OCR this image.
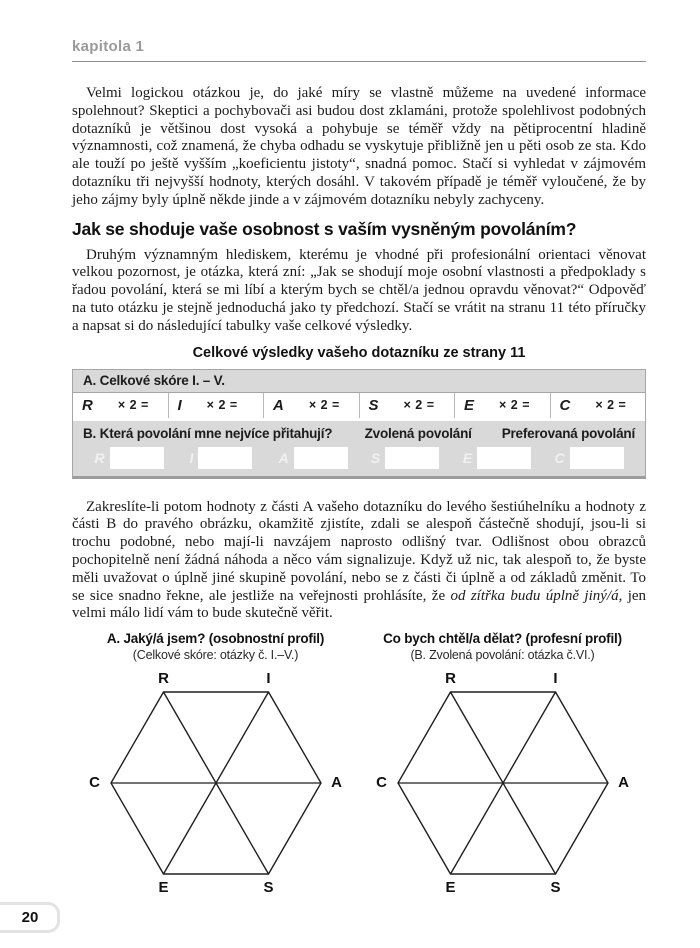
kapitola 1

Velmi logickou otázkou je, do jaké míry se vlastně můžeme na uvedené informace spolehnout? Skeptici a pochybovači asi budou dost zklamáni, protože spolehlivost podobných dotazníků je většinou dost vysoká a pohybuje se téměř vždy na pětiprocentní hladině významnosti, což znamená, že chyba odhadu se vyskytuje přibližně jen u pěti osob ze sta. Kdo ale touží po ještě vyšším „koeficientu jistoty“, snadná pomoc. Stačí si vyhledat v zájmovém dotazníku tři nejvyšší hodnoty, kterých dosáhl. V takovém případě je téměř vyloučené, že by jeho zájmy byly úplně někde jinde a v zájmovém dotazníku nebyly zachyceny.

Jak se shoduje vaše osobnost s vaším vysněným povoláním?

Druhým významným hlediskem, kterému je vhodné při profesionální orientaci věnovat velkou pozornost, je otázka, která zní: „Jak se shodují moje osobní vlastnosti a předpoklady s řadou povolání, která se mi líbí a kterým bych se chtěl/a jednou opravdu věnovat?“ Odpověď na tuto otázku je stejně jednoduchá jako ty předchozí. Stačí se vrátit na stranu 11 této příručky a napsat si do následující tabulky vaše celkové výsledky.

Celkové výsledky vašeho dotazníku ze strany 11
A. Celkové skóre I. – V.
R × 2 = I × 2 = A × 2 = S × 2 = E × 2 = C × 2 =
B. Která povolání mne nejvíce přitahují?	Zvolená povolání Preferovaná povolání
R	I	A	S	E	C

Zakreslíte-li potom hodnoty z části A vašeho dotazníku do levého šestiúhelníku a hodnoty z části B do pravého obrázku, okamžitě zjistíte, zdali se alespoň částečně shodují, jsou-li si trochu podobné, nebo mají-li navzájem naprosto odlišný tvar. Odlišnost obou obrazců pochopitelně není žádná náhoda a něco vám signalizuje. Když už nic, tak alespoň to, že byste měli uvažovat o úplně jiné skupině povolání, nebo se z části či úplně a od základů změnit. To se sice snadno řekne, ale jestliže na veřejnosti prohlásíte, že od zítřka budu úplně jiný/á, jen velmi málo lidí vám to bude skutečně věřit.

A. Jaký/á jsem? (osobnostní profil)
(Celkové skóre: otázky č. I.–V.)
R	I
C	A
E	S
Co bych chtěl/a dělat? (profesní profil)
(B. Zvolená povolání: otázka č.VI.)
R	I
C	A
E	S
20
